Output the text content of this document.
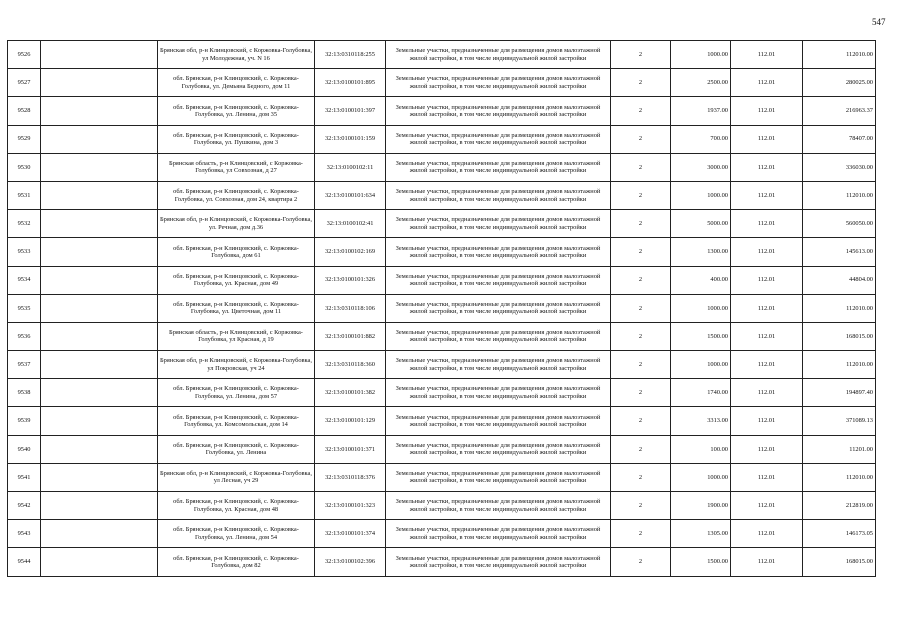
547
9526		Брянская обл, р-н Клинцовский, с Коржовка-Голубовка, ул Молодежная, уч. N 16	32:13:0310118:255	Земельные участки, предназначенные для размещения домов малоэтажной жилой застройки, в том числе индивидуальной жилой застройки	2	1000.00	112.01	112010.00
9527		обл. Брянская, р-н Клинцовский, с. Коржовка-Голубовка, ул. Демьяна Бедного, дом 11	32:13:0100101:895	Земельные участки, предназначенные для размещения домов малоэтажной жилой застройки, в том числе индивидуальной жилой застройки	2	2500.00	112.01	280025.00
9528		обл. Брянская, р-н Клинцовский, с. Коржовка-Голубовка, ул. Ленина, дом 35	32:13:0100101:397	Земельные участки, предназначенные для размещения домов малоэтажной жилой застройки, в том числе индивидуальной жилой застройки	2	1937.00	112.01	216963.37
9529		обл. Брянская, р-н Клинцовский, с. Коржовка-Голубовка, ул. Пушкина, дом 3	32:13:0100101:159	Земельные участки, предназначенные для размещения домов малоэтажной жилой застройки, в том числе индивидуальной жилой застройки	2	700.00	112.01	78407.00
9530		Брянская область, р-н Клинцовский, с Коржовка-Голубовка, ул Совхозная, д 27	32:13:0100102:11	Земельные участки, предназначенные для размещения домов малоэтажной жилой застройки, в том числе индивидуальной жилой застройки	2	3000.00	112.01	336030.00
9531		обл. Брянская, р-н Клинцовский, с. Коржовка-Голубовка, ул. Совхозная, дом 24, квартира 2	32:13:0100101:634	Земельные участки, предназначенные для размещения домов малоэтажной жилой застройки, в том числе индивидуальной жилой застройки	2	1000.00	112.01	112010.00
9532		Брянская обл, р-н Клинцовский, с Коржовка-Голубовка, ул. Речная, дом д.36	32:13:0100102:41	Земельные участки, предназначенные для размещения домов малоэтажной жилой застройки, в том числе индивидуальной жилой застройки	2	5000.00	112.01	560050.00
9533		обл. Брянская, р-н Клинцовский, с. Коржовка-Голубовка, дом 61	32:13:0100102:169	Земельные участки, предназначенные для размещения домов малоэтажной жилой застройки, в том числе индивидуальной жилой застройки	2	1300.00	112.01	145613.00
9534		обл. Брянская, р-н Клинцовский, с. Коржовка-Голубовка, ул. Красная, дом 49	32:13:0100101:326	Земельные участки, предназначенные для размещения домов малоэтажной жилой застройки, в том числе индивидуальной жилой застройки	2	400.00	112.01	44804.00
9535		обл. Брянская, р-н Клинцовский, с. Коржовка-Голубовка, ул. Цветочная, дом 11	32:13:0310118:106	Земельные участки, предназначенные для размещения домов малоэтажной жилой застройки, в том числе индивидуальной жилой застройки	2	1000.00	112.01	112010.00
9536		Брянская область, р-н Клинцовский, с Коржовка-Голубовка, ул Красная, д 19	32:13:0100101:882	Земельные участки, предназначенные для размещения домов малоэтажной жилой застройки, в том числе индивидуальной жилой застройки	2	1500.00	112.01	168015.00
9537		Брянская обл, р-н Клинцовский, с Коржовка-Голубовка, ул Покровская, уч 24	32:13:0310118:360	Земельные участки, предназначенные для размещения домов малоэтажной жилой застройки, в том числе индивидуальной жилой застройки	2	1000.00	112.01	112010.00
9538		обл. Брянская, р-н Клинцовский, с. Коржовка-Голубовка, ул. Ленина, дом 57	32:13:0100101:382	Земельные участки, предназначенные для размещения домов малоэтажной жилой застройки, в том числе индивидуальной жилой застройки	2	1740.00	112.01	194897.40
9539		обл. Брянская, р-н Клинцовский, с. Коржовка-Голубовка, ул. Комсомольская, дом 14	32:13:0100101:129	Земельные участки, предназначенные для размещения домов малоэтажной жилой застройки, в том числе индивидуальной жилой застройки	2	3313.00	112.01	371089.13
9540		обл. Брянская, р-н Клинцовский, с. Коржовка-Голубовка, ул. Ленина	32:13:0100101:371	Земельные участки, предназначенные для размещения домов малоэтажной жилой застройки, в том числе индивидуальной жилой застройки	2	100.00	112.01	11201.00
9541		Брянская обл, р-н Клинцовский, с Коржовка-Голубовка, ул Лесная, уч 29	32:13:0310118:376	Земельные участки, предназначенные для размещения домов малоэтажной жилой застройки, в том числе индивидуальной жилой застройки	2	1000.00	112.01	112010.00
9542		обл. Брянская, р-н Клинцовский, с. Коржовка-Голубовка, ул. Красная, дом 48	32:13:0100101:323	Земельные участки, предназначенные для размещения домов малоэтажной жилой застройки, в том числе индивидуальной жилой застройки	2	1900.00	112.01	212819.00
9543		обл. Брянская, р-н Клинцовский, с. Коржовка-Голубовка, ул. Ленина, дом 54	32:13:0100101:374	Земельные участки, предназначенные для размещения домов малоэтажной жилой застройки, в том числе индивидуальной жилой застройки	2	1305.00	112.01	146173.05
9544		обл. Брянская, р-н Клинцовский, с. Коржовка-Голубовка, дом 82	32:13:0100102:396	Земельные участки, предназначенные для размещения домов малоэтажной жилой застройки, в том числе индивидуальной жилой застройки	2	1500.00	112.01	168015.00
